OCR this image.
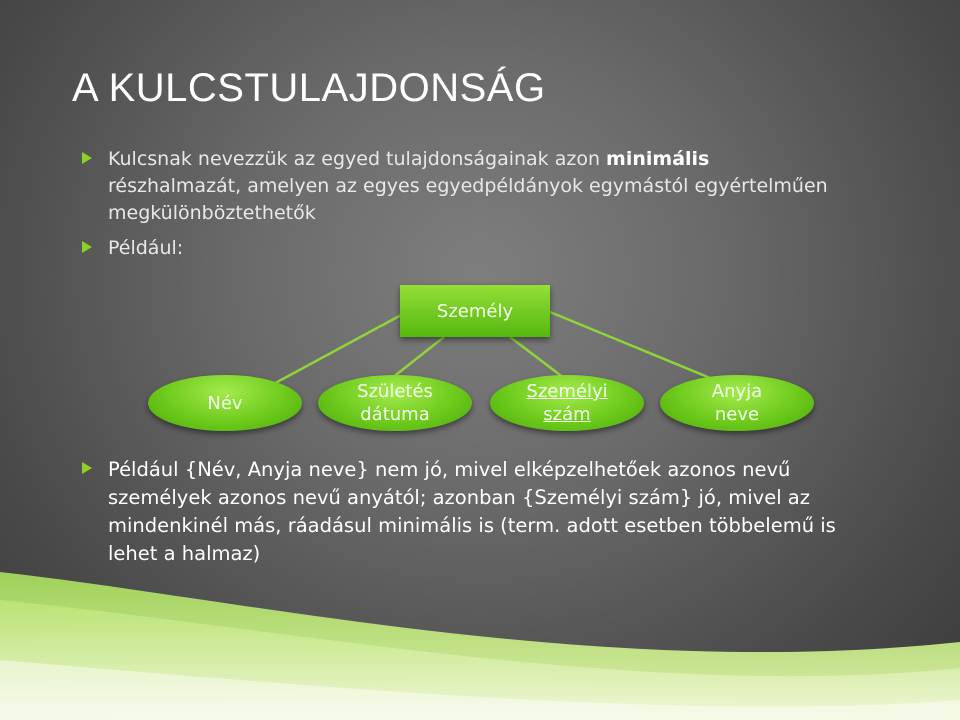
A KULCSTULAJDONSÁG
Kulcsnak nevezzük az egyed tulajdonságainak azon minimális
részhalmazát, amelyen az egyes egyedpéldányok egymástól egyértelműen megkülönböztethetők
Például:
Személy
Név
Születés
dátuma
Személyi
szám
Anyja
neve
Például {Név, Anyja neve} nem jó, mivel elképzelhetőek azonos nevű személyek azonos nevű anyától; azonban {Személyi szám} jó, mivel az mindenkinél más, ráadásul minimális is (term. adott esetben többelemű is lehet a halmaz)
